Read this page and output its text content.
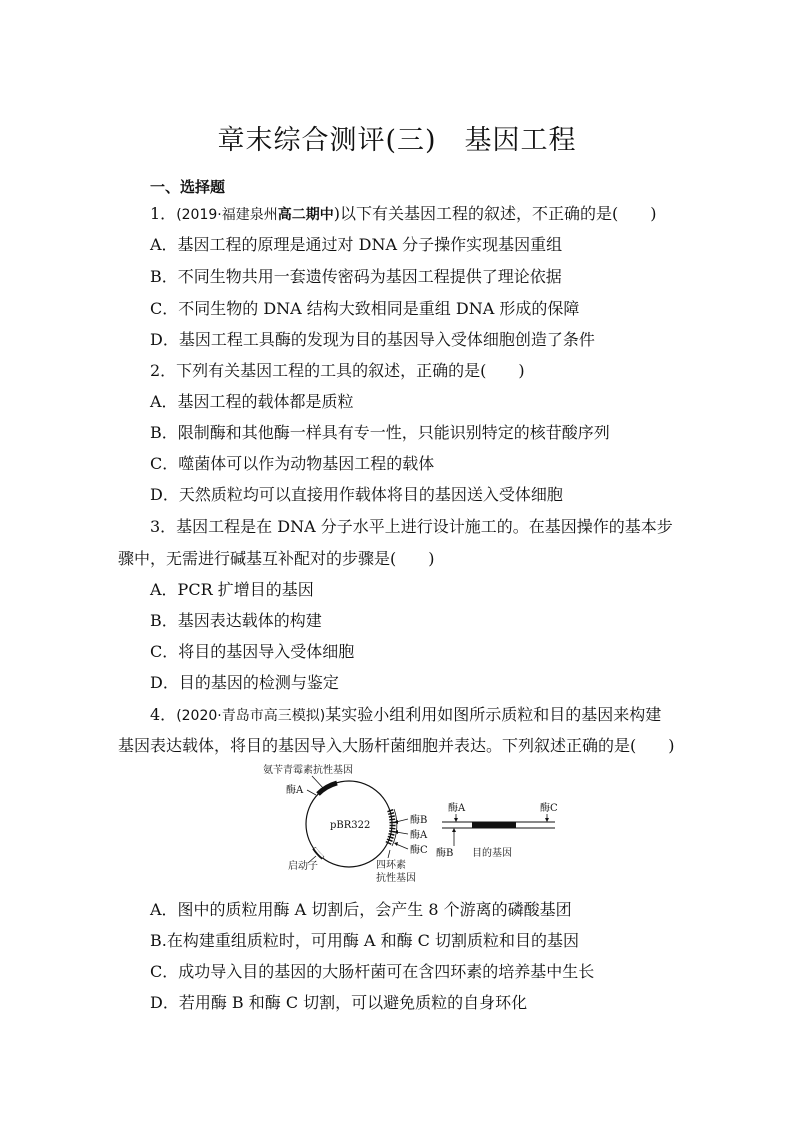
章末综合测评(三)　基因工程
一、选择题
1．(2019·福建泉州高二期中)以下有关基因工程的叙述，不正确的是(　　)
A．基因工程的原理是通过对 DNA 分子操作实现基因重组
B．不同生物共用一套遗传密码为基因工程提供了理论依据
C．不同生物的 DNA 结构大致相同是重组 DNA 形成的保障
D．基因工程工具酶的发现为目的基因导入受体细胞创造了条件
2．下列有关基因工程的工具的叙述，正确的是(　　)
A．基因工程的载体都是质粒
B．限制酶和其他酶一样具有专一性，只能识别特定的核苷酸序列
C．噬菌体可以作为动物基因工程的载体
D．天然质粒均可以直接用作载体将目的基因送入受体细胞
3．基因工程是在 DNA 分子水平上进行设计施工的。在基因操作的基本步
骤中，无需进行碱基互补配对的步骤是(　　)
A．PCR 扩增目的基因
B．基因表达载体的构建
C．将目的基因导入受体细胞
D．目的基因的检测与鉴定
4．(2020·青岛市高三模拟)某实验小组利用如图所示质粒和目的基因来构建
基因表达载体，将目的基因导入大肠杆菌细胞并表达。下列叙述正确的是(　　)
氨苄青霉素抗性基因
酶A
pBR322	酶B
酶A
酶C
启动子	四环素
抗性基因
酶A	酶C
酶B 目的基因
A．图中的质粒用酶 A 切割后，会产生 8 个游离的磷酸基团
B.在构建重组质粒时，可用酶 A 和酶 C 切割质粒和目的基因
C．成功导入目的基因的大肠杆菌可在含四环素的培养基中生长
D．若用酶 B 和酶 C 切割，可以避免质粒的自身环化
